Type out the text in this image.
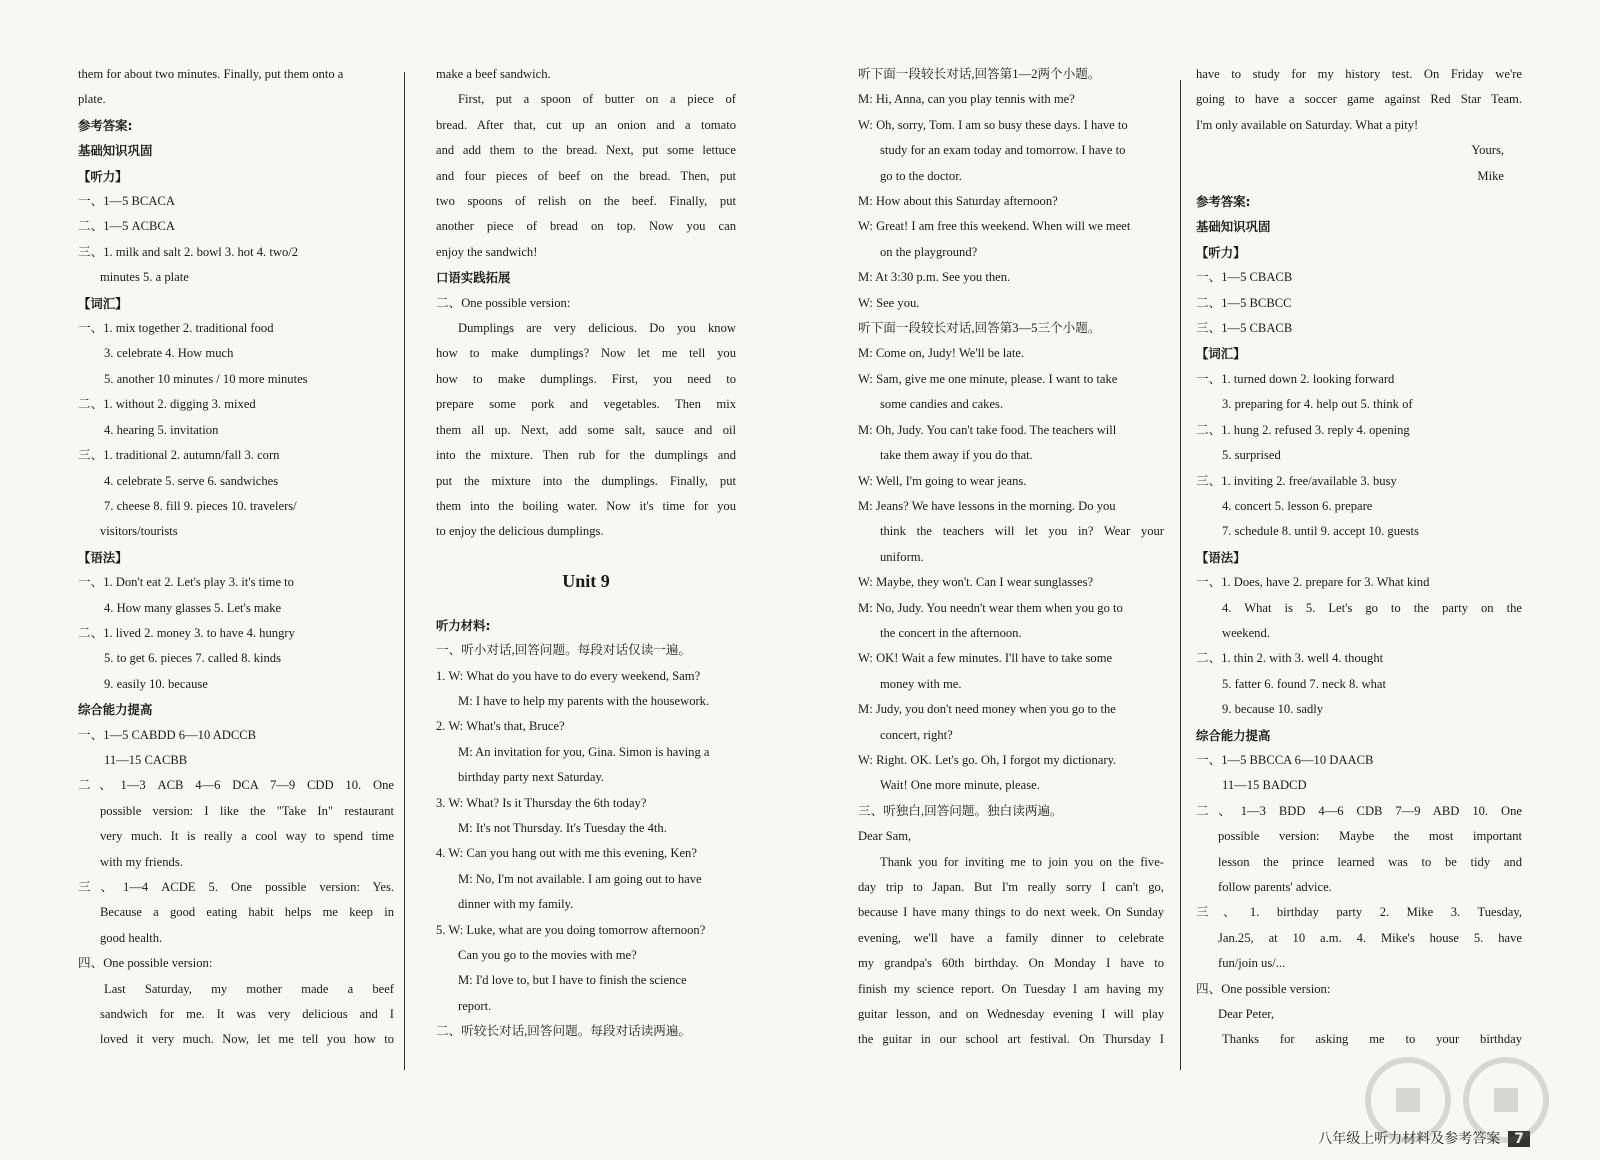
them for about two minutes. Finally, put them onto a
plate.
参考答案:
基础知识巩固
【听力】
一、1—5 BCACA
二、1—5 ACBCA
三、1. milk and salt 2. bowl 3. hot 4. two/2
minutes 5. a plate
【词汇】
一、1. mix together 2. traditional food
3. celebrate 4. How much
5. another 10 minutes / 10 more minutes
二、1. without 2. digging 3. mixed
4. hearing 5. invitation
三、1. traditional 2. autumn/fall 3. corn
4. celebrate 5. serve 6. sandwiches
7. cheese 8. fill 9. pieces 10. travelers/
visitors/tourists
【语法】
一、1. Don't eat 2. Let's play 3. it's time to
4. How many glasses 5. Let's make
二、1. lived 2. money 3. to have 4. hungry
5. to get 6. pieces 7. called 8. kinds
9. easily 10. because
综合能力提高
一、1—5 CABDD 6—10 ADCCB
11—15 CACBB
二、1—3 ACB 4—6 DCA 7—9 CDD 10. One
possible version: I like the "Take In" restaurant
very much. It is really a cool way to spend time
with my friends.
三、1—4 ACDE 5. One possible version: Yes.
Because a good eating habit helps me keep in
good health.
四、One possible version:
Last Saturday, my mother made a beef
sandwich for me. It was very delicious and I
loved it very much. Now, let me tell you how to
make a beef sandwich.
First, put a spoon of butter on a piece of
bread. After that, cut up an onion and a tomato
and add them to the bread. Next, put some lettuce
and four pieces of beef on the bread. Then, put
two spoons of relish on the beef. Finally, put
another piece of bread on top. Now you can
enjoy the sandwich!
口语实践拓展
二、One possible version:
Dumplings are very delicious. Do you know
how to make dumplings? Now let me tell you
how to make dumplings. First, you need to
prepare some pork and vegetables. Then mix
them all up. Next, add some salt, sauce and oil
into the mixture. Then rub for the dumplings and
put the mixture into the dumplings. Finally, put
them into the boiling water. Now it's time for you
to enjoy the delicious dumplings.
Unit 9
听力材料:
一、听小对话,回答问题。每段对话仅读一遍。
1. W: What do you have to do every weekend, Sam?
M: I have to help my parents with the housework.
2. W: What's that, Bruce?
M: An invitation for you, Gina. Simon is having a
birthday party next Saturday.
3. W: What? Is it Thursday the 6th today?
M: It's not Thursday. It's Tuesday the 4th.
4. W: Can you hang out with me this evening, Ken?
M: No, I'm not available. I am going out to have
dinner with my family.
5. W: Luke, what are you doing tomorrow afternoon?
Can you go to the movies with me?
M: I'd love to, but I have to finish the science
report.
二、听较长对话,回答问题。每段对话读两遍。
听下面一段较长对话,回答第1—2两个小题。
M: Hi, Anna, can you play tennis with me?
W: Oh, sorry, Tom. I am so busy these days. I have to
study for an exam today and tomorrow. I have to
go to the doctor.
M: How about this Saturday afternoon?
W: Great! I am free this weekend. When will we meet
on the playground?
M: At 3:30 p.m. See you then.
W: See you.
听下面一段较长对话,回答第3—5三个小题。
M: Come on, Judy! We'll be late.
W: Sam, give me one minute, please. I want to take
some candies and cakes.
M: Oh, Judy. You can't take food. The teachers will
take them away if you do that.
W: Well, I'm going to wear jeans.
M: Jeans? We have lessons in the morning. Do you
think the teachers will let you in? Wear your
uniform.
W: Maybe, they won't. Can I wear sunglasses?
M: No, Judy. You needn't wear them when you go to
the concert in the afternoon.
W: OK! Wait a few minutes. I'll have to take some
money with me.
M: Judy, you don't need money when you go to the
concert, right?
W: Right. OK. Let's go. Oh, I forgot my dictionary.
Wait! One more minute, please.
三、听独白,回答问题。独白读两遍。
Dear Sam,
Thank you for inviting me to join you on the five-
day trip to Japan. But I'm really sorry I can't go,
because I have many things to do next week. On Sunday
evening, we'll have a family dinner to celebrate
my grandpa's 60th birthday. On Monday I have to
finish my science report. On Tuesday I am having my
guitar lesson, and on Wednesday evening I will play
the guitar in our school art festival. On Thursday I
have to study for my history test. On Friday we're
going to have a soccer game against Red Star Team.
I'm only available on Saturday. What a pity!
Yours,
Mike
参考答案:
基础知识巩固
【听力】
一、1—5 CBACB
二、1—5 BCBCC
三、1—5 CBACB
【词汇】
一、1. turned down 2. looking forward
3. preparing for 4. help out 5. think of
二、1. hung 2. refused 3. reply 4. opening
5. surprised
三、1. inviting 2. free/available 3. busy
4. concert 5. lesson 6. prepare
7. schedule 8. until 9. accept 10. guests
【语法】
一、1. Does, have 2. prepare for 3. What kind
4. What is 5. Let's go to the party on the
weekend.
二、1. thin 2. with 3. well 4. thought
5. fatter 6. found 7. neck 8. what
9. because 10. sadly
综合能力提高
一、1—5 BBCCA 6—10 DAACB
11—15 BADCD
二、1—3 BDD 4—6 CDB 7—9 ABD 10. One
possible version: Maybe the most important
lesson the prince learned was to be tidy and
follow parents' advice.
三、1. birthday party 2. Mike 3. Tuesday,
Jan.25, at 10 a.m. 4. Mike's house 5. have
fun/join us/...
四、One possible version:
Dear Peter,
Thanks for asking me to your birthday
八年级上听力材料及参考答案 7
